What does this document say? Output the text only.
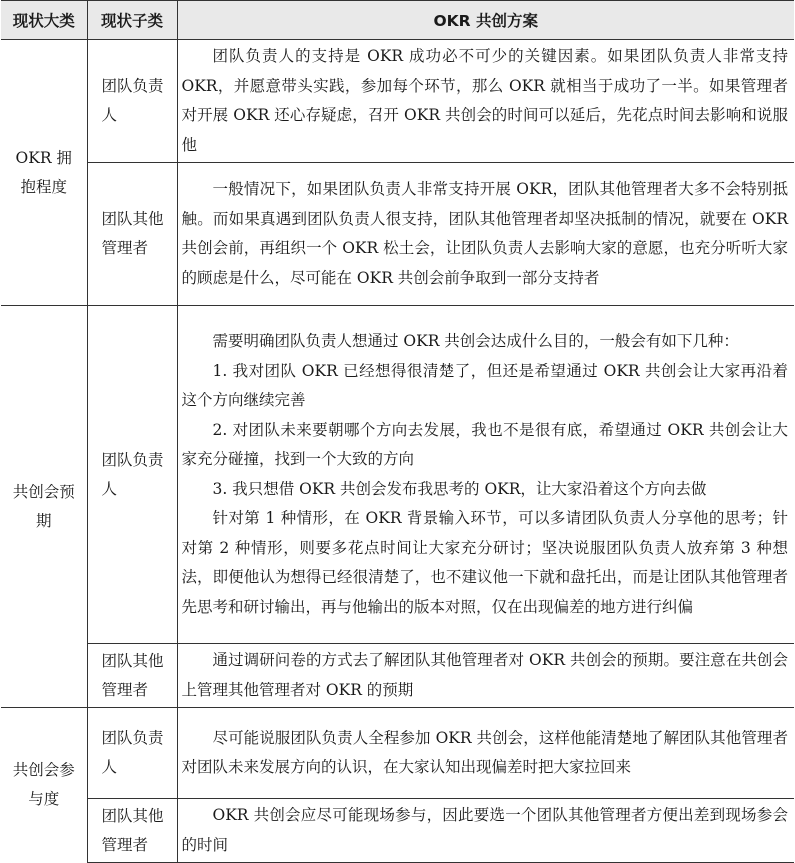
现状大类	现状子类	OKR 共创方案
OKR 拥抱程度	团队负责人	团队负责人的支持是 OKR 成功必不可少的关键因素。如果团队负责人非常支持 OKR，并愿意带头实践，参加每个环节，那么 OKR 就相当于成功了一半。如果管理者对开展 OKR 还心存疑虑，召开 OKR 共创会的时间可以延后，先花点时间去影响和说服他

	团队其他管理者	一般情况下，如果团队负责人非常支持开展 OKR，团队其他管理者大多不会特别抵触。而如果真遇到团队负责人很支持，团队其他管理者却坚决抵制的情况，就要在 OKR 共创会前，再组织一个 OKR 松土会，让团队负责人去影响大家的意愿，也充分听听大家的顾虑是什么，尽可能在 OKR 共创会前争取到一部分支持者

共创会预期	团队负责人	需要明确团队负责人想通过 OKR 共创会达成什么目的，一般会有如下几种：

1. 我对团队 OKR 已经想得很清楚了，但还是希望通过 OKR 共创会让大家再沿着这个方向继续完善

2. 对团队未来要朝哪个方向去发展，我也不是很有底，希望通过 OKR 共创会让大家充分碰撞，找到一个大致的方向

3. 我只想借 OKR 共创会发布我思考的 OKR，让大家沿着这个方向去做

针对第 1 种情形，在 OKR 背景输入环节，可以多请团队负责人分享他的思考；针对第 2 种情形，则要多花点时间让大家充分研讨；坚决说服团队负责人放弃第 3 种想法，即便他认为想得已经很清楚了，也不建议他一下就和盘托出，而是让团队其他管理者先思考和研讨输出，再与他输出的版本对照，仅在出现偏差的地方进行纠偏

	团队其他管理者	通过调研问卷的方式去了解团队其他管理者对 OKR 共创会的预期。要注意在共创会上管理其他管理者对 OKR 的预期

共创会参与度	团队负责人	尽可能说服团队负责人全程参加 OKR 共创会，这样他能清楚地了解团队其他管理者对团队未来发展方向的认识，在大家认知出现偏差时把大家拉回来

	团队其他管理者	OKR 共创会应尽可能现场参与，因此要选一个团队其他管理者方便出差到现场参会的时间
